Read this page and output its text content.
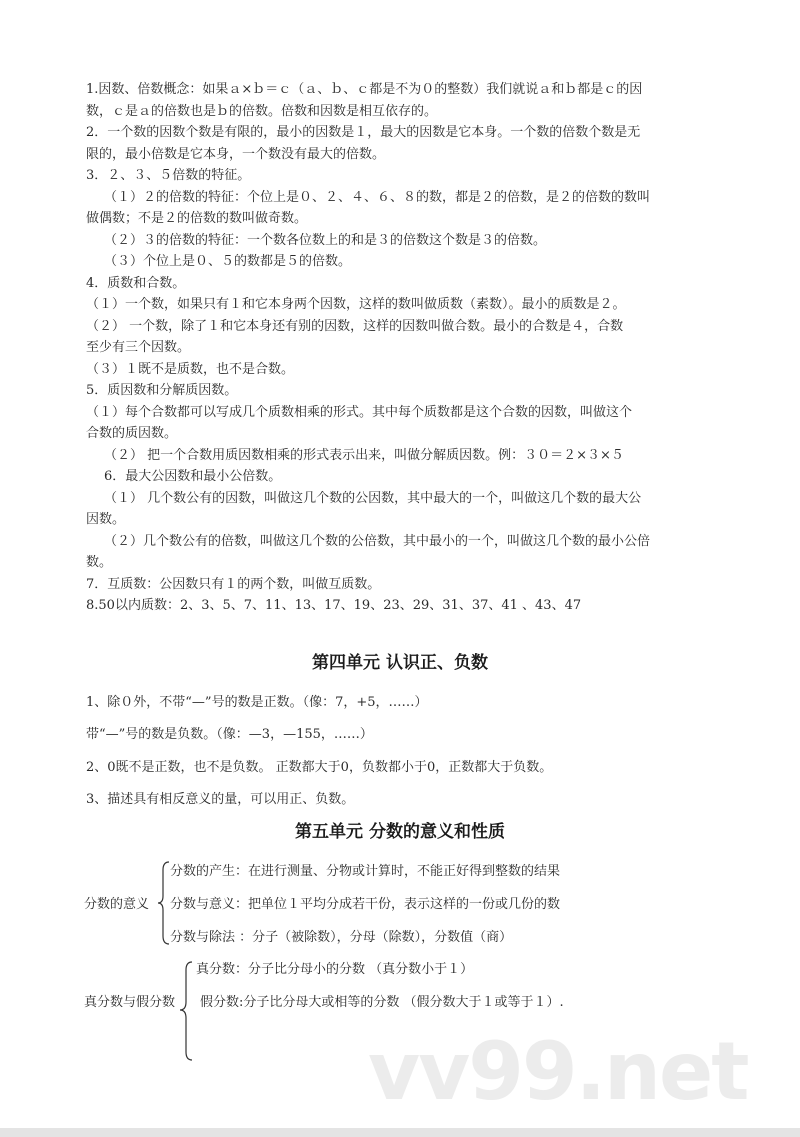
vv99.net
1.因数、倍数概念：如果ａ×ｂ＝ｃ（ａ、ｂ、ｃ都是不为０的整数）我们就说ａ和ｂ都是ｃ的因
数，ｃ是ａ的倍数也是ｂ的倍数。倍数和因数是相互依存的。
2．一个数的因数个数是有限的，最小的因数是１，最大的因数是它本身。一个数的倍数个数是无
限的，最小倍数是它本身，一个数没有最大的倍数。
3．２、３、５倍数的特征。
（１）２的倍数的特征：个位上是０、２、４、６、８的数，都是２的倍数，是２的倍数的数叫
做偶数；不是２的倍数的数叫做奇数。
（２）３的倍数的特征：一个数各位数上的和是３的倍数这个数是３的倍数。
（３）个位上是０、５的数都是５的倍数。
4．质数和合数。
（１）一个数，如果只有１和它本身两个因数，这样的数叫做质数（素数）。最小的质数是２。
（２） 一个数，除了１和它本身还有别的因数，这样的因数叫做合数。最小的合数是４，合数
至少有三个因数。
（３）１既不是质数，也不是合数。
5．质因数和分解质因数。
（１）每个合数都可以写成几个质数相乘的形式。其中每个质数都是这个合数的因数，叫做这个
合数的质因数。
（２） 把一个合数用质因数相乘的形式表示出来，叫做分解质因数。例：３０＝２×３×５
6．最大公因数和最小公倍数。
（１） 几个数公有的因数，叫做这几个数的公因数，其中最大的一个，叫做这几个数的最大公
因数。
（２）几个数公有的倍数，叫做这几个数的公倍数，其中最小的一个，叫做这几个数的最小公倍
数。
7．互质数：公因数只有１的两个数，叫做互质数。
8.50以内质数：2、3、5、7、11、13、17、19、23、29、31、37、41 、43、47
第四单元 认识正、负数
1、除０外，不带“—”号的数是正数。（像：7，+5，……）
带“—”号的数是负数。（像：—3，—155，……）
2、0既不是正数，也不是负数。 正数都大于0，负数都小于0，正数都大于负数。
3、描述具有相反意义的量，可以用正、负数。
第五单元 分数的意义和性质
分数的意义
分数的产生：在进行测量、分物或计算时，不能正好得到整数的结果
分数与意义：把单位１平均分成若干份，表示这样的一份或几份的数
分数与除法 ：分子（被除数），分母（除数），分数值（商）
真分数与假分数
真分数：分子比分母小的分数 （真分数小于１）
假分数:分子比分母大或相等的分数 （假分数大于１或等于１）.
